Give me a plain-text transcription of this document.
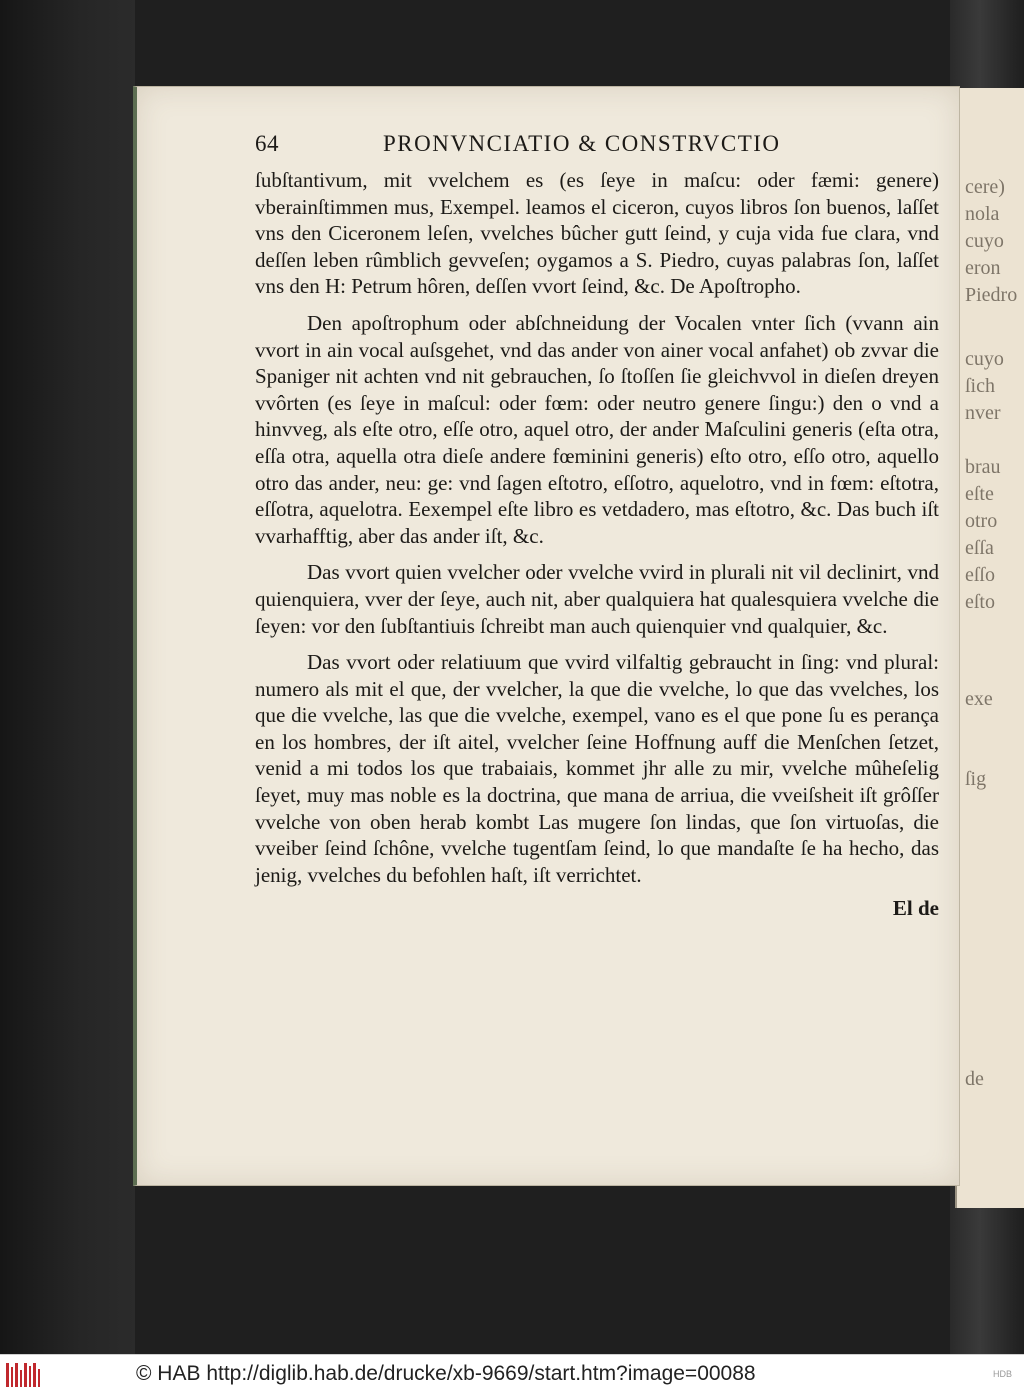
cere)
nola
cuyo
eron
Piedro
cuyo
ſich
nver
brau
eſte
otro
eſſa
eſſo
eſto
exe
de
ſig
64	PRONVNCIATIO & CONSTRVCTIO

ſubſtantivum, mit vvelchem es (es ſeye in maſcu: oder fæmi: genere) vberainſtimmen mus, Exempel. leamos el ciceron, cuyos libros ſon buenos, laſſet vns den Ciceronem leſen, vvelches bûcher gutt ſeind, y cuja vida fue clara, vnd deſſen leben rûmblich gevveſen; oygamos a S. Piedro, cuyas palabras ſon, laſſet vns den H: Petrum hôren, deſſen vvort ſeind, &c. De Apoſtropho.

Den apoſtrophum oder abſchneidung der Vocalen vnter ſich (vvann ain vvort in ain vocal auſsgehet, vnd das ander von ainer vocal anfahet) ob zvvar die Spaniger nit achten vnd nit gebrauchen, ſo ſtoſſen ſie gleichvvol in dieſen dreyen vvôrten (es ſeye in maſcul: oder fœm: oder neutro genere ſingu:) den o vnd a hinvveg, als eſte otro, eſſe otro, aquel otro, der ander Maſculini generis (eſta otra, eſſa otra, aquella otra dieſe andere fœminini generis) eſto otro, eſſo otro, aquello otro das ander, neu: ge: vnd ſagen eſtotro, eſſotro, aquelotro, vnd in fœm: eſtotra, eſſotra, aquelotra. Eexempel eſte libro es vetdadero, mas eſtotro, &c. Das buch iſt vvarhafftig, aber das ander iſt, &c.

Das vvort quien vvelcher oder vvelche vvird in plurali nit vil declinirt, vnd quienquiera, vver der ſeye, auch nit, aber qualquiera hat qualesquiera vvelche die ſeyen: vor den ſubſtantiuis ſchreibt man auch quienquier vnd qualquier, &c.

Das vvort oder relatiuum que vvird vilfaltig gebraucht in ſing: vnd plural: numero als mit el que, der vvelcher, la que die vvelche, lo que das vvelches, los que die vvelche, las que die vvelche, exempel, vano es el que pone ſu es perança en los hombres, der iſt aitel, vvelcher ſeine Hoffnung auff die Menſchen ſetzet, venid a mi todos los que trabaiais, kommet jhr alle zu mir, vvelche mûheſelig ſeyet, muy mas noble es la doctrina, que mana de arriua, die vveiſsheit iſt grôſſer vvelche von oben herab kombt Las mugere ſon lindas, que ſon virtuoſas, die vveiber ſeind ſchône, vvelche tugentſam ſeind, lo que mandaſte ſe ha hecho, das jenig, vvelches du befohlen haſt, iſt verrichtet.

El de
© HAB http://diglib.hab.de/drucke/xb-9669/start.htm?image=00088	HDB
